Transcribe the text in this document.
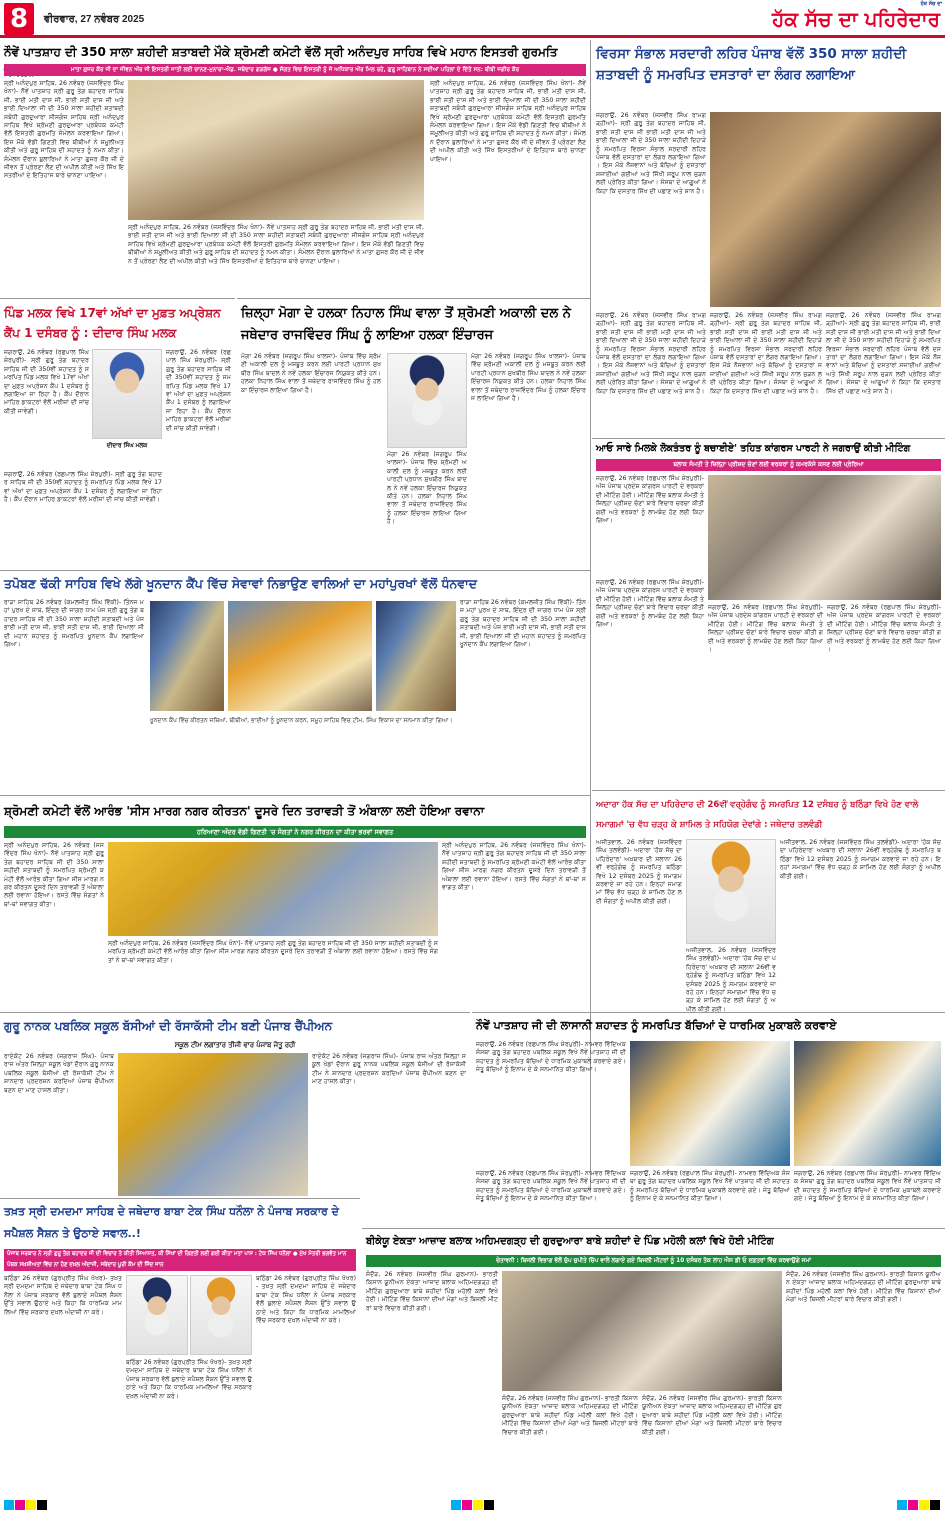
8	ਵੀਰਵਾਰ, 27 ਨਵੰਬਰ 2025	ਹੱਕ ਸੱਚ ਦਾ ਪਹਿਰੇਦਾਰ
ਹੱਕ ਸੱਚ ਦਾ
ਨੌਵੇਂ ਪਾਤਸ਼ਾਹ ਦੀ 350 ਸਾਲਾ ਸ਼ਹੀਦੀ ਸ਼ਤਾਬਦੀ ਮੌਕੇ ਸ਼੍ਰੋਮਣੀ ਕਮੇਟੀ ਵੱਲੋਂ ਸ੍ਰੀ ਅਨੰਦਪੁਰ ਸਾਹਿਬ ਵਿਖੇ ਮਹਾਨ ਇਸਤਰੀ ਗੁਰਮਤਿ
ਮਾਤਾ ਗੁਜਰ ਕੌਰ ਜੀ ਦਾ ਜੀਵਨ ਔਰ ਜੀ ਇਸਤਰੀ ਜਾਤੀ ਲਈ ਚਾਨਣ-ਮੁਨਾਰਾ-ਐਡ. ਜਥੇਦਾਰ ਗੜਗੱਜ ● ਸੰਗਤ ਵਿਚ ਇਸਤਰੀ ਨੂੰ ਜੋ ਅਧਿਕਾਰ ਔਰ ਮਿਲ ਰਹੇ, ਗੁਰੂ ਸਾਹਿਬਾਨ ਨੇ ਸਦੀਆਂ ਪਹਿਲਾਂ ਦੇ ਦਿੱਤੇ ਸਨ: ਬੀਬੀ ਜਗੀਰ ਕੌਰ
ਸ੍ਰੀ ਅਨੰਦਪੁਰ ਸਾਹਿਬ, 26 ਨਵੰਬਰ (ਜਸਵਿੰਦਰ ਸਿੰਘ ਖੰਨਾ)- ਨੌਵੇਂ ਪਾਤਸ਼ਾਹ ਸ੍ਰੀ ਗੁਰੂ ਤੇਗ ਬਹਾਦਰ ਸਾਹਿਬ ਜੀ, ਭਾਈ ਮਤੀ ਦਾਸ ਜੀ, ਭਾਈ ਸਤੀ ਦਾਸ ਜੀ ਅਤੇ ਭਾਈ ਦਿਆਲਾ ਜੀ ਦੀ 350 ਸਾਲਾ ਸ਼ਹੀਦੀ ਸ਼ਤਾਬਦੀ ਸਬੰਧੀ ਗੁਰਦੁਆਰਾ ਸੀਸਗੰਜ ਸਾਹਿਬ ਸ੍ਰੀ ਅਨੰਦਪੁਰ ਸਾਹਿਬ ਵਿਖੇ ਸ਼੍ਰੋਮਣੀ ਗੁਰਦੁਆਰਾ ਪ੍ਰਬੰਧਕ ਕਮੇਟੀ ਵੱਲੋਂ ਇਸਤਰੀ ਗੁਰਮਤਿ ਸੰਮੇਲਨ ਕਰਵਾਇਆ ਗਿਆ। ਇਸ ਮੌਕੇ ਵੱਡੀ ਗਿਣਤੀ ਵਿਚ ਬੀਬੀਆਂ ਨੇ ਸ਼ਮੂਲੀਅਤ ਕੀਤੀ ਅਤੇ ਗੁਰੂ ਸਾਹਿਬ ਦੀ ਸ਼ਹਾਦਤ ਨੂੰ ਨਮਨ ਕੀਤਾ। ਸੰਮੇਲਨ ਦੌਰਾਨ ਬੁਲਾਰਿਆਂ ਨੇ ਮਾਤਾ ਗੁਜਰ ਕੌਰ ਜੀ ਦੇ ਜੀਵਨ ਤੋਂ ਪ੍ਰੇਰਣਾ ਲੈਣ ਦੀ ਅਪੀਲ ਕੀਤੀ ਅਤੇ ਸਿੱਖ ਇਸਤਰੀਆਂ ਦੇ ਇਤਿਹਾਸ ਬਾਰੇ ਚਾਨਣਾ ਪਾਇਆ।
ਸ੍ਰੀ ਅਨੰਦਪੁਰ ਸਾਹਿਬ, 26 ਨਵੰਬਰ (ਜਸਵਿੰਦਰ ਸਿੰਘ ਖੰਨਾ)- ਨੌਵੇਂ ਪਾਤਸ਼ਾਹ ਸ੍ਰੀ ਗੁਰੂ ਤੇਗ ਬਹਾਦਰ ਸਾਹਿਬ ਜੀ, ਭਾਈ ਮਤੀ ਦਾਸ ਜੀ, ਭਾਈ ਸਤੀ ਦਾਸ ਜੀ ਅਤੇ ਭਾਈ ਦਿਆਲਾ ਜੀ ਦੀ 350 ਸਾਲਾ ਸ਼ਹੀਦੀ ਸ਼ਤਾਬਦੀ ਸਬੰਧੀ ਗੁਰਦੁਆਰਾ ਸੀਸਗੰਜ ਸਾਹਿਬ ਸ੍ਰੀ ਅਨੰਦਪੁਰ ਸਾਹਿਬ ਵਿਖੇ ਸ਼੍ਰੋਮਣੀ ਗੁਰਦੁਆਰਾ ਪ੍ਰਬੰਧਕ ਕਮੇਟੀ ਵੱਲੋਂ ਇਸਤਰੀ ਗੁਰਮਤਿ ਸੰਮੇਲਨ ਕਰਵਾਇਆ ਗਿਆ। ਇਸ ਮੌਕੇ ਵੱਡੀ ਗਿਣਤੀ ਵਿਚ ਬੀਬੀਆਂ ਨੇ ਸ਼ਮੂਲੀਅਤ ਕੀਤੀ ਅਤੇ ਗੁਰੂ ਸਾਹਿਬ ਦੀ ਸ਼ਹਾਦਤ ਨੂੰ ਨਮਨ ਕੀਤਾ। ਸੰਮੇਲਨ ਦੌਰਾਨ ਬੁਲਾਰਿਆਂ ਨੇ ਮਾਤਾ ਗੁਜਰ ਕੌਰ ਜੀ ਦੇ ਜੀਵਨ ਤੋਂ ਪ੍ਰੇਰਣਾ ਲੈਣ ਦੀ ਅਪੀਲ ਕੀਤੀ ਅਤੇ ਸਿੱਖ ਇਸਤਰੀਆਂ ਦੇ ਇਤਿਹਾਸ ਬਾਰੇ ਚਾਨਣਾ ਪਾਇਆ।
ਸ੍ਰੀ ਅਨੰਦਪੁਰ ਸਾਹਿਬ, 26 ਨਵੰਬਰ (ਜਸਵਿੰਦਰ ਸਿੰਘ ਖੰਨਾ)- ਨੌਵੇਂ ਪਾਤਸ਼ਾਹ ਸ੍ਰੀ ਗੁਰੂ ਤੇਗ ਬਹਾਦਰ ਸਾਹਿਬ ਜੀ, ਭਾਈ ਮਤੀ ਦਾਸ ਜੀ, ਭਾਈ ਸਤੀ ਦਾਸ ਜੀ ਅਤੇ ਭਾਈ ਦਿਆਲਾ ਜੀ ਦੀ 350 ਸਾਲਾ ਸ਼ਹੀਦੀ ਸ਼ਤਾਬਦੀ ਸਬੰਧੀ ਗੁਰਦੁਆਰਾ ਸੀਸਗੰਜ ਸਾਹਿਬ ਸ੍ਰੀ ਅਨੰਦਪੁਰ ਸਾਹਿਬ ਵਿਖੇ ਸ਼੍ਰੋਮਣੀ ਗੁਰਦੁਆਰਾ ਪ੍ਰਬੰਧਕ ਕਮੇਟੀ ਵੱਲੋਂ ਇਸਤਰੀ ਗੁਰਮਤਿ ਸੰਮੇਲਨ ਕਰਵਾਇਆ ਗਿਆ। ਇਸ ਮੌਕੇ ਵੱਡੀ ਗਿਣਤੀ ਵਿਚ ਬੀਬੀਆਂ ਨੇ ਸ਼ਮੂਲੀਅਤ ਕੀਤੀ ਅਤੇ ਗੁਰੂ ਸਾਹਿਬ ਦੀ ਸ਼ਹਾਦਤ ਨੂੰ ਨਮਨ ਕੀਤਾ। ਸੰਮੇਲਨ ਦੌਰਾਨ ਬੁਲਾਰਿਆਂ ਨੇ ਮਾਤਾ ਗੁਜਰ ਕੌਰ ਜੀ ਦੇ ਜੀਵਨ ਤੋਂ ਪ੍ਰੇਰਣਾ ਲੈਣ ਦੀ ਅਪੀਲ ਕੀਤੀ ਅਤੇ ਸਿੱਖ ਇਸਤਰੀਆਂ ਦੇ ਇਤਿਹਾਸ ਬਾਰੇ ਚਾਨਣਾ ਪਾਇਆ।
ਵਿਰਸਾ ਸੰਭਾਲ ਸਰਦਾਰੀ ਲਹਿਰ ਪੰਜਾਬ ਵੱਲੋਂ 350 ਸਾਲਾ ਸ਼ਹੀਦੀ ਸ਼ਤਾਬਦੀ ਨੂੰ ਸਮਰਪਿਤ ਦਸਤਾਰਾਂ ਦਾ ਲੰਗਰ ਲਗਾਇਆ
ਜਗਰਾਉਂ, 26 ਨਵੰਬਰ (ਜਸਵੀਰ ਸਿੰਘ ਰਾਮਗੜ੍ਹੀਆ)- ਸ੍ਰੀ ਗੁਰੂ ਤੇਗ ਬਹਾਦਰ ਸਾਹਿਬ ਜੀ, ਭਾਈ ਸਤੀ ਦਾਸ ਜੀ ਭਾਈ ਮਤੀ ਦਾਸ ਜੀ ਅਤੇ ਭਾਈ ਦਿਆਲਾ ਜੀ ਦੇ 350 ਸਾਲਾ ਸ਼ਹੀਦੀ ਦਿਹਾੜੇ ਨੂੰ ਸਮਰਪਿਤ ਵਿਰਸਾ ਸੰਭਾਲ ਸਰਦਾਰੀ ਲਹਿਰ ਪੰਜਾਬ ਵੱਲੋਂ ਦਸਤਾਰਾਂ ਦਾ ਲੰਗਰ ਲਗਾਇਆ ਗਿਆ। ਇਸ ਮੌਕੇ ਨੌਜਵਾਨਾਂ ਅਤੇ ਬੱਚਿਆਂ ਨੂੰ ਦਸਤਾਰਾਂ ਸਜਾਈਆਂ ਗਈਆਂ ਅਤੇ ਸਿੱਖੀ ਸਰੂਪ ਨਾਲ ਜੁੜਨ ਲਈ ਪ੍ਰੇਰਿਤ ਕੀਤਾ ਗਿਆ। ਸੰਸਥਾ ਦੇ ਆਗੂਆਂ ਨੇ ਕਿਹਾ ਕਿ ਦਸਤਾਰ ਸਿੱਖ ਦੀ ਪਛਾਣ ਅਤੇ ਸ਼ਾਨ ਹੈ।
ਜਗਰਾਉਂ, 26 ਨਵੰਬਰ (ਜਸਵੀਰ ਸਿੰਘ ਰਾਮਗੜ੍ਹੀਆ)- ਸ੍ਰੀ ਗੁਰੂ ਤੇਗ ਬਹਾਦਰ ਸਾਹਿਬ ਜੀ, ਭਾਈ ਸਤੀ ਦਾਸ ਜੀ ਭਾਈ ਮਤੀ ਦਾਸ ਜੀ ਅਤੇ ਭਾਈ ਦਿਆਲਾ ਜੀ ਦੇ 350 ਸਾਲਾ ਸ਼ਹੀਦੀ ਦਿਹਾੜੇ ਨੂੰ ਸਮਰਪਿਤ ਵਿਰਸਾ ਸੰਭਾਲ ਸਰਦਾਰੀ ਲਹਿਰ ਪੰਜਾਬ ਵੱਲੋਂ ਦਸਤਾਰਾਂ ਦਾ ਲੰਗਰ ਲਗਾਇਆ ਗਿਆ। ਇਸ ਮੌਕੇ ਨੌਜਵਾਨਾਂ ਅਤੇ ਬੱਚਿਆਂ ਨੂੰ ਦਸਤਾਰਾਂ ਸਜਾਈਆਂ ਗਈਆਂ ਅਤੇ ਸਿੱਖੀ ਸਰੂਪ ਨਾਲ ਜੁੜਨ ਲਈ ਪ੍ਰੇਰਿਤ ਕੀਤਾ ਗਿਆ। ਸੰਸਥਾ ਦੇ ਆਗੂਆਂ ਨੇ ਕਿਹਾ ਕਿ ਦਸਤਾਰ ਸਿੱਖ ਦੀ ਪਛਾਣ ਅਤੇ ਸ਼ਾਨ ਹੈ।
ਜਗਰਾਉਂ, 26 ਨਵੰਬਰ (ਜਸਵੀਰ ਸਿੰਘ ਰਾਮਗੜ੍ਹੀਆ)- ਸ੍ਰੀ ਗੁਰੂ ਤੇਗ ਬਹਾਦਰ ਸਾਹਿਬ ਜੀ, ਭਾਈ ਸਤੀ ਦਾਸ ਜੀ ਭਾਈ ਮਤੀ ਦਾਸ ਜੀ ਅਤੇ ਭਾਈ ਦਿਆਲਾ ਜੀ ਦੇ 350 ਸਾਲਾ ਸ਼ਹੀਦੀ ਦਿਹਾੜੇ ਨੂੰ ਸਮਰਪਿਤ ਵਿਰਸਾ ਸੰਭਾਲ ਸਰਦਾਰੀ ਲਹਿਰ ਪੰਜਾਬ ਵੱਲੋਂ ਦਸਤਾਰਾਂ ਦਾ ਲੰਗਰ ਲਗਾਇਆ ਗਿਆ। ਇਸ ਮੌਕੇ ਨੌਜਵਾਨਾਂ ਅਤੇ ਬੱਚਿਆਂ ਨੂੰ ਦਸਤਾਰਾਂ ਸਜਾਈਆਂ ਗਈਆਂ ਅਤੇ ਸਿੱਖੀ ਸਰੂਪ ਨਾਲ ਜੁੜਨ ਲਈ ਪ੍ਰੇਰਿਤ ਕੀਤਾ ਗਿਆ। ਸੰਸਥਾ ਦੇ ਆਗੂਆਂ ਨੇ ਕਿਹਾ ਕਿ ਦਸਤਾਰ ਸਿੱਖ ਦੀ ਪਛਾਣ ਅਤੇ ਸ਼ਾਨ ਹੈ।
ਜਗਰਾਉਂ, 26 ਨਵੰਬਰ (ਜਸਵੀਰ ਸਿੰਘ ਰਾਮਗੜ੍ਹੀਆ)- ਸ੍ਰੀ ਗੁਰੂ ਤੇਗ ਬਹਾਦਰ ਸਾਹਿਬ ਜੀ, ਭਾਈ ਸਤੀ ਦਾਸ ਜੀ ਭਾਈ ਮਤੀ ਦਾਸ ਜੀ ਅਤੇ ਭਾਈ ਦਿਆਲਾ ਜੀ ਦੇ 350 ਸਾਲਾ ਸ਼ਹੀਦੀ ਦਿਹਾੜੇ ਨੂੰ ਸਮਰਪਿਤ ਵਿਰਸਾ ਸੰਭਾਲ ਸਰਦਾਰੀ ਲਹਿਰ ਪੰਜਾਬ ਵੱਲੋਂ ਦਸਤਾਰਾਂ ਦਾ ਲੰਗਰ ਲਗਾਇਆ ਗਿਆ। ਇਸ ਮੌਕੇ ਨੌਜਵਾਨਾਂ ਅਤੇ ਬੱਚਿਆਂ ਨੂੰ ਦਸਤਾਰਾਂ ਸਜਾਈਆਂ ਗਈਆਂ ਅਤੇ ਸਿੱਖੀ ਸਰੂਪ ਨਾਲ ਜੁੜਨ ਲਈ ਪ੍ਰੇਰਿਤ ਕੀਤਾ ਗਿਆ। ਸੰਸਥਾ ਦੇ ਆਗੂਆਂ ਨੇ ਕਿਹਾ ਕਿ ਦਸਤਾਰ ਸਿੱਖ ਦੀ ਪਛਾਣ ਅਤੇ ਸ਼ਾਨ ਹੈ।
ਪਿੰਡ ਮਲਕ ਵਿਖੇ 17ਵਾਂ ਅੱਖਾਂ ਦਾ ਮੁਫ਼ਤ ਅਪ੍ਰੇਸ਼ਨ ਕੈਂਪ 1 ਦਸੰਬਰ ਨੂੰ : ਦੀਦਾਰ ਸਿੰਘ ਮਲਕ
ਜਗਰਾਉਂ, 26 ਨਵੰਬਰ (ਰਛਪਾਲ ਸਿੰਘ ਸ਼ੇਰਪੁਰੀ)- ਸ੍ਰੀ ਗੁਰੂ ਤੇਗ ਬਹਾਦਰ ਸਾਹਿਬ ਜੀ ਦੀ 350ਵੀਂ ਸ਼ਹਾਦਤ ਨੂੰ ਸਮਰਪਿਤ ਪਿੰਡ ਮਲਕ ਵਿਖੇ 17ਵਾਂ ਅੱਖਾਂ ਦਾ ਮੁਫ਼ਤ ਅਪ੍ਰੇਸ਼ਨ ਕੈਂਪ 1 ਦਸੰਬਰ ਨੂੰ ਲਗਾਇਆ ਜਾ ਰਿਹਾ ਹੈ। ਕੈਂਪ ਦੌਰਾਨ ਮਾਹਿਰ ਡਾਕਟਰਾਂ ਵੱਲੋਂ ਮਰੀਜ਼ਾਂ ਦੀ ਜਾਂਚ ਕੀਤੀ ਜਾਵੇਗੀ।
ਦੀਦਾਰ ਸਿੰਘ ਮਲਕ
ਜਗਰਾਉਂ, 26 ਨਵੰਬਰ (ਰਛਪਾਲ ਸਿੰਘ ਸ਼ੇਰਪੁਰੀ)- ਸ੍ਰੀ ਗੁਰੂ ਤੇਗ ਬਹਾਦਰ ਸਾਹਿਬ ਜੀ ਦੀ 350ਵੀਂ ਸ਼ਹਾਦਤ ਨੂੰ ਸਮਰਪਿਤ ਪਿੰਡ ਮਲਕ ਵਿਖੇ 17ਵਾਂ ਅੱਖਾਂ ਦਾ ਮੁਫ਼ਤ ਅਪ੍ਰੇਸ਼ਨ ਕੈਂਪ 1 ਦਸੰਬਰ ਨੂੰ ਲਗਾਇਆ ਜਾ ਰਿਹਾ ਹੈ। ਕੈਂਪ ਦੌਰਾਨ ਮਾਹਿਰ ਡਾਕਟਰਾਂ ਵੱਲੋਂ ਮਰੀਜ਼ਾਂ ਦੀ ਜਾਂਚ ਕੀਤੀ ਜਾਵੇਗੀ।
ਜਗਰਾਉਂ, 26 ਨਵੰਬਰ (ਰਛਪਾਲ ਸਿੰਘ ਸ਼ੇਰਪੁਰੀ)- ਸ੍ਰੀ ਗੁਰੂ ਤੇਗ ਬਹਾਦਰ ਸਾਹਿਬ ਜੀ ਦੀ 350ਵੀਂ ਸ਼ਹਾਦਤ ਨੂੰ ਸਮਰਪਿਤ ਪਿੰਡ ਮਲਕ ਵਿਖੇ 17ਵਾਂ ਅੱਖਾਂ ਦਾ ਮੁਫ਼ਤ ਅਪ੍ਰੇਸ਼ਨ ਕੈਂਪ 1 ਦਸੰਬਰ ਨੂੰ ਲਗਾਇਆ ਜਾ ਰਿਹਾ ਹੈ। ਕੈਂਪ ਦੌਰਾਨ ਮਾਹਿਰ ਡਾਕਟਰਾਂ ਵੱਲੋਂ ਮਰੀਜ਼ਾਂ ਦੀ ਜਾਂਚ ਕੀਤੀ ਜਾਵੇਗੀ।
ਜ਼ਿਲ੍ਹਾ ਮੋਗਾ ਦੇ ਹਲਕਾ ਨਿਹਾਲ ਸਿੰਘ ਵਾਲਾ ਤੋਂ ਸ਼੍ਰੋਮਣੀ ਅਕਾਲੀ ਦਲ ਨੇ ਜਥੇਦਾਰ ਰਾਜਵਿੰਦਰ ਸਿੰਘ ਨੂੰ ਲਾਇਆ ਹਲਕਾ ਇੰਚਾਰਜ
ਮੋਗਾ 26 ਨਵੰਬਰ (ਜਗਰੂਪ ਸਿੰਘ ਖਾਲਸਾ)- ਪੰਜਾਬ ਵਿੱਚ ਸ਼੍ਰੋਮਣੀ ਅਕਾਲੀ ਦਲ ਨੂੰ ਮਜ਼ਬੂਤ ਕਰਨ ਲਈ ਪਾਰਟੀ ਪ੍ਰਧਾਨ ਸੁਖਬੀਰ ਸਿੰਘ ਬਾਦਲ ਨੇ ਨਵੇਂ ਹਲਕਾ ਇੰਚਾਰਜ ਨਿਯੁਕਤ ਕੀਤੇ ਹਨ। ਹਲਕਾ ਨਿਹਾਲ ਸਿੰਘ ਵਾਲਾ ਤੋਂ ਜਥੇਦਾਰ ਰਾਜਵਿੰਦਰ ਸਿੰਘ ਨੂੰ ਹਲਕਾ ਇੰਚਾਰਜ ਲਾਇਆ ਗਿਆ ਹੈ।
ਮੋਗਾ 26 ਨਵੰਬਰ (ਜਗਰੂਪ ਸਿੰਘ ਖਾਲਸਾ)- ਪੰਜਾਬ ਵਿੱਚ ਸ਼੍ਰੋਮਣੀ ਅਕਾਲੀ ਦਲ ਨੂੰ ਮਜ਼ਬੂਤ ਕਰਨ ਲਈ ਪਾਰਟੀ ਪ੍ਰਧਾਨ ਸੁਖਬੀਰ ਸਿੰਘ ਬਾਦਲ ਨੇ ਨਵੇਂ ਹਲਕਾ ਇੰਚਾਰਜ ਨਿਯੁਕਤ ਕੀਤੇ ਹਨ। ਹਲਕਾ ਨਿਹਾਲ ਸਿੰਘ ਵਾਲਾ ਤੋਂ ਜਥੇਦਾਰ ਰਾਜਵਿੰਦਰ ਸਿੰਘ ਨੂੰ ਹਲਕਾ ਇੰਚਾਰਜ ਲਾਇਆ ਗਿਆ ਹੈ।
ਮੋਗਾ 26 ਨਵੰਬਰ (ਜਗਰੂਪ ਸਿੰਘ ਖਾਲਸਾ)- ਪੰਜਾਬ ਵਿੱਚ ਸ਼੍ਰੋਮਣੀ ਅਕਾਲੀ ਦਲ ਨੂੰ ਮਜ਼ਬੂਤ ਕਰਨ ਲਈ ਪਾਰਟੀ ਪ੍ਰਧਾਨ ਸੁਖਬੀਰ ਸਿੰਘ ਬਾਦਲ ਨੇ ਨਵੇਂ ਹਲਕਾ ਇੰਚਾਰਜ ਨਿਯੁਕਤ ਕੀਤੇ ਹਨ। ਹਲਕਾ ਨਿਹਾਲ ਸਿੰਘ ਵਾਲਾ ਤੋਂ ਜਥੇਦਾਰ ਰਾਜਵਿੰਦਰ ਸਿੰਘ ਨੂੰ ਹਲਕਾ ਇੰਚਾਰਜ ਲਾਇਆ ਗਿਆ ਹੈ।
ਆਓ ਸਾਰੇ ਮਿਲਕੇ ਲੋਕਤੰਤਰ ਨੂੰ ਬਚਾਈਏ' ਤਹਿਤ ਕਾਂਗਰਸ ਪਾਰਟੀ ਨੇ ਜਗਰਾਉਂ ਕੀਤੀ ਮੀਟਿੰਗ
ਬਲਾਕ ਸੰਮਤੀ ਤੇ ਜ਼ਿਲ੍ਹਾ ਪ੍ਰੀਸ਼ਦ ਚੋਣਾਂ ਲਈ ਵਰਕਰਾਂ ਨੂੰ ਕਮਰਕੱਸੇ ਕਸਣ ਲਈ ਪ੍ਰੇਰਿਆ
ਜਗਰਾਉਂ, 26 ਨਵੰਬਰ (ਰਛਪਾਲ ਸਿੰਘ ਸ਼ੇਰਪੁਰੀ)- ਅੱਜ ਪੰਜਾਬ ਪ੍ਰਦੇਸ਼ ਕਾਂਗਰਸ ਪਾਰਟੀ ਦੇ ਵਰਕਰਾਂ ਦੀ ਮੀਟਿੰਗ ਹੋਈ। ਮੀਟਿੰਗ ਵਿੱਚ ਬਲਾਕ ਸੰਮਤੀ ਤੇ ਜ਼ਿਲ੍ਹਾ ਪ੍ਰੀਸ਼ਦ ਚੋਣਾਂ ਬਾਰੇ ਵਿਚਾਰ ਚਰਚਾ ਕੀਤੀ ਗਈ ਅਤੇ ਵਰਕਰਾਂ ਨੂੰ ਲਾਮਬੰਦ ਹੋਣ ਲਈ ਕਿਹਾ ਗਿਆ।
ਜਗਰਾਉਂ, 26 ਨਵੰਬਰ (ਰਛਪਾਲ ਸਿੰਘ ਸ਼ੇਰਪੁਰੀ)- ਅੱਜ ਪੰਜਾਬ ਪ੍ਰਦੇਸ਼ ਕਾਂਗਰਸ ਪਾਰਟੀ ਦੇ ਵਰਕਰਾਂ ਦੀ ਮੀਟਿੰਗ ਹੋਈ। ਮੀਟਿੰਗ ਵਿੱਚ ਬਲਾਕ ਸੰਮਤੀ ਤੇ ਜ਼ਿਲ੍ਹਾ ਪ੍ਰੀਸ਼ਦ ਚੋਣਾਂ ਬਾਰੇ ਵਿਚਾਰ ਚਰਚਾ ਕੀਤੀ ਗਈ ਅਤੇ ਵਰਕਰਾਂ ਨੂੰ ਲਾਮਬੰਦ ਹੋਣ ਲਈ ਕਿਹਾ ਗਿਆ।
ਜਗਰਾਉਂ, 26 ਨਵੰਬਰ (ਰਛਪਾਲ ਸਿੰਘ ਸ਼ੇਰਪੁਰੀ)- ਅੱਜ ਪੰਜਾਬ ਪ੍ਰਦੇਸ਼ ਕਾਂਗਰਸ ਪਾਰਟੀ ਦੇ ਵਰਕਰਾਂ ਦੀ ਮੀਟਿੰਗ ਹੋਈ। ਮੀਟਿੰਗ ਵਿੱਚ ਬਲਾਕ ਸੰਮਤੀ ਤੇ ਜ਼ਿਲ੍ਹਾ ਪ੍ਰੀਸ਼ਦ ਚੋਣਾਂ ਬਾਰੇ ਵਿਚਾਰ ਚਰਚਾ ਕੀਤੀ ਗਈ ਅਤੇ ਵਰਕਰਾਂ ਨੂੰ ਲਾਮਬੰਦ ਹੋਣ ਲਈ ਕਿਹਾ ਗਿਆ।
ਜਗਰਾਉਂ, 26 ਨਵੰਬਰ (ਰਛਪਾਲ ਸਿੰਘ ਸ਼ੇਰਪੁਰੀ)- ਅੱਜ ਪੰਜਾਬ ਪ੍ਰਦੇਸ਼ ਕਾਂਗਰਸ ਪਾਰਟੀ ਦੇ ਵਰਕਰਾਂ ਦੀ ਮੀਟਿੰਗ ਹੋਈ। ਮੀਟਿੰਗ ਵਿੱਚ ਬਲਾਕ ਸੰਮਤੀ ਤੇ ਜ਼ਿਲ੍ਹਾ ਪ੍ਰੀਸ਼ਦ ਚੋਣਾਂ ਬਾਰੇ ਵਿਚਾਰ ਚਰਚਾ ਕੀਤੀ ਗਈ ਅਤੇ ਵਰਕਰਾਂ ਨੂੰ ਲਾਮਬੰਦ ਹੋਣ ਲਈ ਕਿਹਾ ਗਿਆ।
ਤਪੋਬਣ ਢੱਕੀ ਸਾਹਿਬ ਵਿਖੇ ਲੱਗੇ ਖੂਨਦਾਨ ਕੈਂਪ ਵਿੱਚ ਸੇਵਾਵਾਂ ਨਿਭਾਉਣ ਵਾਲਿਆਂ ਦਾ ਮਹਾਂਪੁਰਖਾਂ ਵੱਲੋਂ ਧੰਨਵਾਦ
ਰਾੜਾ ਸਾਹਿਬ 26 ਨਵੰਬਰ (ਕਮਲਜੀਤ ਸਿੰਘ ਵਿੱਕੀ)- ਤਿੰਨਜ ਮਹਾਂ ਪੁਰਖ ਦੇ ਸਾਥ, ਇੰਦ੍ਰ ਦੀ ਜਾਗਰ ਧਾਮ ਪੰਜ ਸ੍ਰੀ ਗੁਰੂ ਤੇਗ ਬਹਾਦਰ ਸਾਹਿਬ ਜੀ ਦੀ 350 ਸਾਲਾ ਸ਼ਹੀਦੀ ਸ਼ਤਾਬਦੀ ਅਤੇ ਪੰਜ ਭਾਈ ਮਤੀ ਦਾਸ ਜੀ, ਭਾਈ ਸਤੀ ਦਾਸ ਜੀ, ਭਾਈ ਦਿਆਲਾ ਜੀ ਦੀ ਮਹਾਨ ਸ਼ਹਾਦਤ ਨੂੰ ਸਮਰਪਿਤ ਖੂਨਦਾਨ ਕੈਂਪ ਲਗਾਇਆ ਗਿਆ।
ਰਾੜਾ ਸਾਹਿਬ 26 ਨਵੰਬਰ (ਕਮਲਜੀਤ ਸਿੰਘ ਵਿੱਕੀ)- ਤਿੰਨਜ ਮਹਾਂ ਪੁਰਖ ਦੇ ਸਾਥ, ਇੰਦ੍ਰ ਦੀ ਜਾਗਰ ਧਾਮ ਪੰਜ ਸ੍ਰੀ ਗੁਰੂ ਤੇਗ ਬਹਾਦਰ ਸਾਹਿਬ ਜੀ ਦੀ 350 ਸਾਲਾ ਸ਼ਹੀਦੀ ਸ਼ਤਾਬਦੀ ਅਤੇ ਪੰਜ ਭਾਈ ਮਤੀ ਦਾਸ ਜੀ, ਭਾਈ ਸਤੀ ਦਾਸ ਜੀ, ਭਾਈ ਦਿਆਲਾ ਜੀ ਦੀ ਮਹਾਨ ਸ਼ਹਾਦਤ ਨੂੰ ਸਮਰਪਿਤ ਖੂਨਦਾਨ ਕੈਂਪ ਲਗਾਇਆ ਗਿਆ।
ਖੂਨਦਾਨ ਕੈਂਪ ਵਿੱਚ ਕੀਰਤਨ ਜਥਿਆਂ, ਬੀਬੀਆਂ, ਭਾਈਆਂ ਨੂੰ ਖੂਨਦਾਨ ਕਰਨ, ਸਮੂਹ ਸਾਹਿਬ ਵਿਚ ਟੀਮ, ਸਿੰਘ ਵਿਕਾਸ ਦਾ ਸਨਮਾਨ ਕੀਤਾ ਗਿਆ।
ਸ਼੍ਰੋਮਣੀ ਕਮੇਟੀ ਵੱਲੋਂ ਆਰੰਭ 'ਸੀਸ ਮਾਰਗ ਨਗਰ ਕੀਰਤਨ' ਦੂਸਰੇ ਦਿਨ ਤਰਾਵੜੀ ਤੋਂ ਅੰਬਾਲਾ ਲਈ ਹੋਇਆ ਰਵਾਨਾ
ਹਰਿਆਣਾ ਅੰਦਰ ਵੱਡੀ ਗਿਣਤੀ 'ਚ ਸੰਗਤਾਂ ਨੇ ਨਗਰ ਕੀਰਤਨ ਦਾ ਕੀਤਾ ਭਰਵਾਂ ਸਵਾਗਤ
ਸ੍ਰੀ ਅਨੰਦਪੁਰ ਸਾਹਿਬ, 26 ਨਵੰਬਰ (ਜਸਵਿੰਦਰ ਸਿੰਘ ਖੰਨਾ)- ਨੌਵੇਂ ਪਾਤਸ਼ਾਹ ਸ੍ਰੀ ਗੁਰੂ ਤੇਗ ਬਹਾਦਰ ਸਾਹਿਬ ਜੀ ਦੀ 350 ਸਾਲਾ ਸ਼ਹੀਦੀ ਸ਼ਤਾਬਦੀ ਨੂੰ ਸਮਰਪਿਤ ਸ਼੍ਰੋਮਣੀ ਕਮੇਟੀ ਵੱਲੋਂ ਆਰੰਭ ਕੀਤਾ ਗਿਆ ਸੀਸ ਮਾਰਗ ਨਗਰ ਕੀਰਤਨ ਦੂਸਰੇ ਦਿਨ ਤਰਾਵੜੀ ਤੋਂ ਅੰਬਾਲਾ ਲਈ ਰਵਾਨਾ ਹੋਇਆ। ਰਸਤੇ ਵਿੱਚ ਸੰਗਤਾਂ ਨੇ ਥਾਂ-ਥਾਂ ਸਵਾਗਤ ਕੀਤਾ।
ਸ੍ਰੀ ਅਨੰਦਪੁਰ ਸਾਹਿਬ, 26 ਨਵੰਬਰ (ਜਸਵਿੰਦਰ ਸਿੰਘ ਖੰਨਾ)- ਨੌਵੇਂ ਪਾਤਸ਼ਾਹ ਸ੍ਰੀ ਗੁਰੂ ਤੇਗ ਬਹਾਦਰ ਸਾਹਿਬ ਜੀ ਦੀ 350 ਸਾਲਾ ਸ਼ਹੀਦੀ ਸ਼ਤਾਬਦੀ ਨੂੰ ਸਮਰਪਿਤ ਸ਼੍ਰੋਮਣੀ ਕਮੇਟੀ ਵੱਲੋਂ ਆਰੰਭ ਕੀਤਾ ਗਿਆ ਸੀਸ ਮਾਰਗ ਨਗਰ ਕੀਰਤਨ ਦੂਸਰੇ ਦਿਨ ਤਰਾਵੜੀ ਤੋਂ ਅੰਬਾਲਾ ਲਈ ਰਵਾਨਾ ਹੋਇਆ। ਰਸਤੇ ਵਿੱਚ ਸੰਗਤਾਂ ਨੇ ਥਾਂ-ਥਾਂ ਸਵਾਗਤ ਕੀਤਾ।
ਸ੍ਰੀ ਅਨੰਦਪੁਰ ਸਾਹਿਬ, 26 ਨਵੰਬਰ (ਜਸਵਿੰਦਰ ਸਿੰਘ ਖੰਨਾ)- ਨੌਵੇਂ ਪਾਤਸ਼ਾਹ ਸ੍ਰੀ ਗੁਰੂ ਤੇਗ ਬਹਾਦਰ ਸਾਹਿਬ ਜੀ ਦੀ 350 ਸਾਲਾ ਸ਼ਹੀਦੀ ਸ਼ਤਾਬਦੀ ਨੂੰ ਸਮਰਪਿਤ ਸ਼੍ਰੋਮਣੀ ਕਮੇਟੀ ਵੱਲੋਂ ਆਰੰਭ ਕੀਤਾ ਗਿਆ ਸੀਸ ਮਾਰਗ ਨਗਰ ਕੀਰਤਨ ਦੂਸਰੇ ਦਿਨ ਤਰਾਵੜੀ ਤੋਂ ਅੰਬਾਲਾ ਲਈ ਰਵਾਨਾ ਹੋਇਆ। ਰਸਤੇ ਵਿੱਚ ਸੰਗਤਾਂ ਨੇ ਥਾਂ-ਥਾਂ ਸਵਾਗਤ ਕੀਤਾ।
ਅਦਾਰਾ ਹੱਕ ਸੱਚ ਦਾ ਪਹਿਰੇਦਾਰ ਦੀ 26ਵੀਂ ਵਰ੍ਹੇਗੰਢ ਨੂੰ ਸਮਰਪਿਤ 12 ਦਸੰਬਰ ਨੂੰ ਬਠਿੰਡਾ ਵਿਖੇ ਹੋਣ ਵਾਲੇ ਸਮਾਗਮਾਂ 'ਚ ਵੱਧ ਚੜ੍ਹ ਕੇ ਸ਼ਾਮਿਲ ਤੇ ਸਹਿਯੋਗ ਦੇਵਾਂਗੇ : ਜਥੇਦਾਰ ਤਲਵੰਡੀ
ਅਜੀਤਵਾਲ, 26 ਨਵੰਬਰ (ਜਸਵਿੰਦਰ ਸਿੰਘ ਤਲਵੰਡੀ)- ਅਦਾਰਾ 'ਹੱਕ ਸੱਚ ਦਾ ਪਹਿਰੇਦਾਰ' ਅਖ਼ਬਾਰ ਦੀ ਸਲਾਨਾ 26ਵੀਂ ਵਰ੍ਹੇਗੰਢ ਨੂੰ ਸਮਰਪਿਤ ਬਠਿੰਡਾ ਵਿਖੇ 12 ਦਸੰਬਰ 2025 ਨੂੰ ਸਮਾਗਮ ਕਰਵਾਏ ਜਾ ਰਹੇ ਹਨ। ਇਨ੍ਹਾਂ ਸਮਾਗਮਾਂ ਵਿੱਚ ਵੱਧ ਚੜ੍ਹ ਕੇ ਸ਼ਾਮਿਲ ਹੋਣ ਲਈ ਸੰਗਤਾਂ ਨੂੰ ਅਪੀਲ ਕੀਤੀ ਗਈ।
ਅਜੀਤਵਾਲ, 26 ਨਵੰਬਰ (ਜਸਵਿੰਦਰ ਸਿੰਘ ਤਲਵੰਡੀ)- ਅਦਾਰਾ 'ਹੱਕ ਸੱਚ ਦਾ ਪਹਿਰੇਦਾਰ' ਅਖ਼ਬਾਰ ਦੀ ਸਲਾਨਾ 26ਵੀਂ ਵਰ੍ਹੇਗੰਢ ਨੂੰ ਸਮਰਪਿਤ ਬਠਿੰਡਾ ਵਿਖੇ 12 ਦਸੰਬਰ 2025 ਨੂੰ ਸਮਾਗਮ ਕਰਵਾਏ ਜਾ ਰਹੇ ਹਨ। ਇਨ੍ਹਾਂ ਸਮਾਗਮਾਂ ਵਿੱਚ ਵੱਧ ਚੜ੍ਹ ਕੇ ਸ਼ਾਮਿਲ ਹੋਣ ਲਈ ਸੰਗਤਾਂ ਨੂੰ ਅਪੀਲ ਕੀਤੀ ਗਈ।
ਅਜੀਤਵਾਲ, 26 ਨਵੰਬਰ (ਜਸਵਿੰਦਰ ਸਿੰਘ ਤਲਵੰਡੀ)- ਅਦਾਰਾ 'ਹੱਕ ਸੱਚ ਦਾ ਪਹਿਰੇਦਾਰ' ਅਖ਼ਬਾਰ ਦੀ ਸਲਾਨਾ 26ਵੀਂ ਵਰ੍ਹੇਗੰਢ ਨੂੰ ਸਮਰਪਿਤ ਬਠਿੰਡਾ ਵਿਖੇ 12 ਦਸੰਬਰ 2025 ਨੂੰ ਸਮਾਗਮ ਕਰਵਾਏ ਜਾ ਰਹੇ ਹਨ। ਇਨ੍ਹਾਂ ਸਮਾਗਮਾਂ ਵਿੱਚ ਵੱਧ ਚੜ੍ਹ ਕੇ ਸ਼ਾਮਿਲ ਹੋਣ ਲਈ ਸੰਗਤਾਂ ਨੂੰ ਅਪੀਲ ਕੀਤੀ ਗਈ।
ਗੁਰੂ ਨਾਨਕ ਪਬਲਿਕ ਸਕੂਲ ਬੱਸੀਆਂ ਦੀ ਰੱਸਾਕੱਸੀ ਟੀਮ ਬਣੀ ਪੰਜਾਬ ਚੈਂਪੀਅਨ
ਸਕੂਲ ਟੀਮ ਲਗਾਤਾਰ ਤੀਜੀ ਵਾਰ ਪੰਜਾਬ ਜੇਤੂ ਰਹੀ
ਰਾਏਕੋਟ 26 ਨਵੰਬਰ (ਜਗਰਾਜ ਸਿੰਘ)- ਪੰਜਾਬ ਰਾਜ ਅੰਤਰ ਜ਼ਿਲ੍ਹਾ ਸਕੂਲ ਖੇਡਾਂ ਦੌਰਾਨ ਗੁਰੂ ਨਾਨਕ ਪਬਲਿਕ ਸਕੂਲ ਬੱਸੀਆਂ ਦੀ ਰੱਸਾਕੱਸੀ ਟੀਮ ਨੇ ਸ਼ਾਨਦਾਰ ਪ੍ਰਦਰਸ਼ਨ ਕਰਦਿਆਂ ਪੰਜਾਬ ਚੈਂਪੀਅਨ ਬਣਨ ਦਾ ਮਾਣ ਹਾਸਲ ਕੀਤਾ।
ਰਾਏਕੋਟ 26 ਨਵੰਬਰ (ਜਗਰਾਜ ਸਿੰਘ)- ਪੰਜਾਬ ਰਾਜ ਅੰਤਰ ਜ਼ਿਲ੍ਹਾ ਸਕੂਲ ਖੇਡਾਂ ਦੌਰਾਨ ਗੁਰੂ ਨਾਨਕ ਪਬਲਿਕ ਸਕੂਲ ਬੱਸੀਆਂ ਦੀ ਰੱਸਾਕੱਸੀ ਟੀਮ ਨੇ ਸ਼ਾਨਦਾਰ ਪ੍ਰਦਰਸ਼ਨ ਕਰਦਿਆਂ ਪੰਜਾਬ ਚੈਂਪੀਅਨ ਬਣਨ ਦਾ ਮਾਣ ਹਾਸਲ ਕੀਤਾ।
ਨੌਵੇਂ ਪਾਤਸ਼ਾਹ ਜੀ ਦੀ ਲਾਸਾਨੀ ਸ਼ਹਾਦਤ ਨੂੰ ਸਮਰਪਿਤ ਬੱਚਿਆਂ ਦੇ ਧਾਰਮਿਕ ਮੁਕਾਬਲੇ ਕਰਵਾਏ
ਜਗਰਾਉਂ, 26 ਨਵੰਬਰ (ਰਛਪਾਲ ਸਿੰਘ ਸ਼ੇਰਪੁਰੀ)- ਨਾਮਵਰ ਵਿੱਦਿਅਕ ਸੰਸਥਾ ਗੁਰੂ ਤੇਗ ਬਹਾਦਰ ਪਬਲਿਕ ਸਕੂਲ ਵਿਖੇ ਨੌਵੇਂ ਪਾਤਸ਼ਾਹ ਜੀ ਦੀ ਸ਼ਹਾਦਤ ਨੂੰ ਸਮਰਪਿਤ ਬੱਚਿਆਂ ਦੇ ਧਾਰਮਿਕ ਮੁਕਾਬਲੇ ਕਰਵਾਏ ਗਏ। ਜੇਤੂ ਬੱਚਿਆਂ ਨੂੰ ਇਨਾਮ ਦੇ ਕੇ ਸਨਮਾਨਿਤ ਕੀਤਾ ਗਿਆ।
ਜਗਰਾਉਂ, 26 ਨਵੰਬਰ (ਰਛਪਾਲ ਸਿੰਘ ਸ਼ੇਰਪੁਰੀ)- ਨਾਮਵਰ ਵਿੱਦਿਅਕ ਸੰਸਥਾ ਗੁਰੂ ਤੇਗ ਬਹਾਦਰ ਪਬਲਿਕ ਸਕੂਲ ਵਿਖੇ ਨੌਵੇਂ ਪਾਤਸ਼ਾਹ ਜੀ ਦੀ ਸ਼ਹਾਦਤ ਨੂੰ ਸਮਰਪਿਤ ਬੱਚਿਆਂ ਦੇ ਧਾਰਮਿਕ ਮੁਕਾਬਲੇ ਕਰਵਾਏ ਗਏ। ਜੇਤੂ ਬੱਚਿਆਂ ਨੂੰ ਇਨਾਮ ਦੇ ਕੇ ਸਨਮਾਨਿਤ ਕੀਤਾ ਗਿਆ।
ਜਗਰਾਉਂ, 26 ਨਵੰਬਰ (ਰਛਪਾਲ ਸਿੰਘ ਸ਼ੇਰਪੁਰੀ)- ਨਾਮਵਰ ਵਿੱਦਿਅਕ ਸੰਸਥਾ ਗੁਰੂ ਤੇਗ ਬਹਾਦਰ ਪਬਲਿਕ ਸਕੂਲ ਵਿਖੇ ਨੌਵੇਂ ਪਾਤਸ਼ਾਹ ਜੀ ਦੀ ਸ਼ਹਾਦਤ ਨੂੰ ਸਮਰਪਿਤ ਬੱਚਿਆਂ ਦੇ ਧਾਰਮਿਕ ਮੁਕਾਬਲੇ ਕਰਵਾਏ ਗਏ। ਜੇਤੂ ਬੱਚਿਆਂ ਨੂੰ ਇਨਾਮ ਦੇ ਕੇ ਸਨਮਾਨਿਤ ਕੀਤਾ ਗਿਆ।
ਜਗਰਾਉਂ, 26 ਨਵੰਬਰ (ਰਛਪਾਲ ਸਿੰਘ ਸ਼ੇਰਪੁਰੀ)- ਨਾਮਵਰ ਵਿੱਦਿਅਕ ਸੰਸਥਾ ਗੁਰੂ ਤੇਗ ਬਹਾਦਰ ਪਬਲਿਕ ਸਕੂਲ ਵਿਖੇ ਨੌਵੇਂ ਪਾਤਸ਼ਾਹ ਜੀ ਦੀ ਸ਼ਹਾਦਤ ਨੂੰ ਸਮਰਪਿਤ ਬੱਚਿਆਂ ਦੇ ਧਾਰਮਿਕ ਮੁਕਾਬਲੇ ਕਰਵਾਏ ਗਏ। ਜੇਤੂ ਬੱਚਿਆਂ ਨੂੰ ਇਨਾਮ ਦੇ ਕੇ ਸਨਮਾਨਿਤ ਕੀਤਾ ਗਿਆ।
ਤਖ਼ਤ ਸ੍ਰੀ ਦਮਦਮਾ ਸਾਹਿਬ ਦੇ ਜਥੇਦਾਰ ਬਾਬਾ ਟੇਕ ਸਿੰਘ ਧਨੌਲਾ ਨੇ ਪੰਜਾਬ ਸਰਕਾਰ ਦੇ ਸਪੈਸ਼ਲ ਸੈਸ਼ਨ ਤੇ ਉਠਾਏ ਸਵਾਲ..!
ਪੰਜਾਬ ਸਰਕਾਰ ਨੇ ਸ੍ਰੀ ਗੁਰੂ ਤੇਗ ਬਹਾਦਰ ਜੀ ਦੀ ਵਿਚਾਰ ਤੇ ਕੀਤੀ ਸਿਆਸਤ, ਕੀ ਸਿੱਖਾਂ ਦੀ ਗਿਣਤੀ ਲਈ ਗਈ ਕੀਤਾ ਮਤਾ ਪਾਸ : ਟੇਕ ਸਿੰਘ ਧਨੌਲਾ ● ਮੁੱਖ ਮੰਤਰੀ ਭਗਵੰਤ ਮਾਨ ਪੰਥਕ ਸਖ਼ਸ਼ੀਅਤਾਂ ਵਿੱਚ ਨਾ ਹੋਣ ਦਖ਼ਲ ਅੰਦਾਜ਼ੀ, ਜਥੇਦਾਰ ਪੂਰੀ ਕੌਮ ਦੀ ਜਿੰਦ ਜਾਨ
ਬਠਿੰਡਾ 26 ਨਵੰਬਰ (ਗੁਰਪ੍ਰੀਤ ਸਿੰਘ ਖੋਖਰ)- ਤਖ਼ਤ ਸ੍ਰੀ ਦਮਦਮਾ ਸਾਹਿਬ ਦੇ ਜਥੇਦਾਰ ਬਾਬਾ ਟੇਕ ਸਿੰਘ ਧਨੌਲਾ ਨੇ ਪੰਜਾਬ ਸਰਕਾਰ ਵੱਲੋਂ ਬੁਲਾਏ ਸਪੈਸ਼ਲ ਸੈਸ਼ਨ ਉੱਤੇ ਸਵਾਲ ਉਠਾਏ ਅਤੇ ਕਿਹਾ ਕਿ ਧਾਰਮਿਕ ਮਾਮਲਿਆਂ ਵਿੱਚ ਸਰਕਾਰ ਦਖ਼ਲ ਅੰਦਾਜ਼ੀ ਨਾ ਕਰੇ।
ਬਠਿੰਡਾ 26 ਨਵੰਬਰ (ਗੁਰਪ੍ਰੀਤ ਸਿੰਘ ਖੋਖਰ)- ਤਖ਼ਤ ਸ੍ਰੀ ਦਮਦਮਾ ਸਾਹਿਬ ਦੇ ਜਥੇਦਾਰ ਬਾਬਾ ਟੇਕ ਸਿੰਘ ਧਨੌਲਾ ਨੇ ਪੰਜਾਬ ਸਰਕਾਰ ਵੱਲੋਂ ਬੁਲਾਏ ਸਪੈਸ਼ਲ ਸੈਸ਼ਨ ਉੱਤੇ ਸਵਾਲ ਉਠਾਏ ਅਤੇ ਕਿਹਾ ਕਿ ਧਾਰਮਿਕ ਮਾਮਲਿਆਂ ਵਿੱਚ ਸਰਕਾਰ ਦਖ਼ਲ ਅੰਦਾਜ਼ੀ ਨਾ ਕਰੇ।
ਬਠਿੰਡਾ 26 ਨਵੰਬਰ (ਗੁਰਪ੍ਰੀਤ ਸਿੰਘ ਖੋਖਰ)- ਤਖ਼ਤ ਸ੍ਰੀ ਦਮਦਮਾ ਸਾਹਿਬ ਦੇ ਜਥੇਦਾਰ ਬਾਬਾ ਟੇਕ ਸਿੰਘ ਧਨੌਲਾ ਨੇ ਪੰਜਾਬ ਸਰਕਾਰ ਵੱਲੋਂ ਬੁਲਾਏ ਸਪੈਸ਼ਲ ਸੈਸ਼ਨ ਉੱਤੇ ਸਵਾਲ ਉਠਾਏ ਅਤੇ ਕਿਹਾ ਕਿ ਧਾਰਮਿਕ ਮਾਮਲਿਆਂ ਵਿੱਚ ਸਰਕਾਰ ਦਖ਼ਲ ਅੰਦਾਜ਼ੀ ਨਾ ਕਰੇ।
ਬੀਕੇਯੂ ਏਕਤਾ ਆਜ਼ਾਦ ਬਲਾਕ ਅਹਿਮਦਗੜ੍ਹ ਦੀ ਗੁਰਦੁਆਰਾ ਬਾਬੇ ਸ਼ਹੀਦਾਂ ਦੇ ਪਿੰਡ ਮਹੋਲੀ ਕਲਾਂ ਵਿਖੇ ਹੋਈ ਮੀਟਿੰਗ
ਚੇਤਾਵਨੀ : ਬਿਜਲੀ ਵਿਭਾਗ ਵੱਲੋਂ ਚੁੱਪ ਚੁਪੀਤੇ ਚਿੱਪ ਵਾਲੇ ਲਗਾਏ ਗਏ ਬਿਜਲੀ ਮੀਟਰਾਂ ਨੂੰ 10 ਦਸੰਬਰ ਤੱਕ ਲਾਹ ਐਸ ਡੀ ਓ ਦਫ਼ਤਰਾਂ ਵਿੱਚ ਕਰਵਾਉਂਗੇ ਜਮਾਂ
ਸੰਦੌੜ, 26 ਨਵੰਬਰ (ਜਸਵੀਰ ਸਿੰਘ ਗੁਰਮਾਨ)- ਭਾਰਤੀ ਕਿਸਾਨ ਯੂਨੀਅਨ ਏਕਤਾ ਆਜ਼ਾਦ ਬਲਾਕ ਅਹਿਮਦਗੜ੍ਹ ਦੀ ਮੀਟਿੰਗ ਗੁਰਦੁਆਰਾ ਬਾਬੇ ਸ਼ਹੀਦਾਂ ਪਿੰਡ ਮਹੋਲੀ ਕਲਾਂ ਵਿਖੇ ਹੋਈ। ਮੀਟਿੰਗ ਵਿੱਚ ਕਿਸਾਨਾਂ ਦੀਆਂ ਮੰਗਾਂ ਅਤੇ ਬਿਜਲੀ ਮੀਟਰਾਂ ਬਾਰੇ ਵਿਚਾਰ ਕੀਤੀ ਗਈ।
ਸੰਦੌੜ, 26 ਨਵੰਬਰ (ਜਸਵੀਰ ਸਿੰਘ ਗੁਰਮਾਨ)- ਭਾਰਤੀ ਕਿਸਾਨ ਯੂਨੀਅਨ ਏਕਤਾ ਆਜ਼ਾਦ ਬਲਾਕ ਅਹਿਮਦਗੜ੍ਹ ਦੀ ਮੀਟਿੰਗ ਗੁਰਦੁਆਰਾ ਬਾਬੇ ਸ਼ਹੀਦਾਂ ਪਿੰਡ ਮਹੋਲੀ ਕਲਾਂ ਵਿਖੇ ਹੋਈ। ਮੀਟਿੰਗ ਵਿੱਚ ਕਿਸਾਨਾਂ ਦੀਆਂ ਮੰਗਾਂ ਅਤੇ ਬਿਜਲੀ ਮੀਟਰਾਂ ਬਾਰੇ ਵਿਚਾਰ ਕੀਤੀ ਗਈ।
ਸੰਦੌੜ, 26 ਨਵੰਬਰ (ਜਸਵੀਰ ਸਿੰਘ ਗੁਰਮਾਨ)- ਭਾਰਤੀ ਕਿਸਾਨ ਯੂਨੀਅਨ ਏਕਤਾ ਆਜ਼ਾਦ ਬਲਾਕ ਅਹਿਮਦਗੜ੍ਹ ਦੀ ਮੀਟਿੰਗ ਗੁਰਦੁਆਰਾ ਬਾਬੇ ਸ਼ਹੀਦਾਂ ਪਿੰਡ ਮਹੋਲੀ ਕਲਾਂ ਵਿਖੇ ਹੋਈ। ਮੀਟਿੰਗ ਵਿੱਚ ਕਿਸਾਨਾਂ ਦੀਆਂ ਮੰਗਾਂ ਅਤੇ ਬਿਜਲੀ ਮੀਟਰਾਂ ਬਾਰੇ ਵਿਚਾਰ ਕੀਤੀ ਗਈ।
ਸੰਦੌੜ, 26 ਨਵੰਬਰ (ਜਸਵੀਰ ਸਿੰਘ ਗੁਰਮਾਨ)- ਭਾਰਤੀ ਕਿਸਾਨ ਯੂਨੀਅਨ ਏਕਤਾ ਆਜ਼ਾਦ ਬਲਾਕ ਅਹਿਮਦਗੜ੍ਹ ਦੀ ਮੀਟਿੰਗ ਗੁਰਦੁਆਰਾ ਬਾਬੇ ਸ਼ਹੀਦਾਂ ਪਿੰਡ ਮਹੋਲੀ ਕਲਾਂ ਵਿਖੇ ਹੋਈ। ਮੀਟਿੰਗ ਵਿੱਚ ਕਿਸਾਨਾਂ ਦੀਆਂ ਮੰਗਾਂ ਅਤੇ ਬਿਜਲੀ ਮੀਟਰਾਂ ਬਾਰੇ ਵਿਚਾਰ ਕੀਤੀ ਗਈ।
